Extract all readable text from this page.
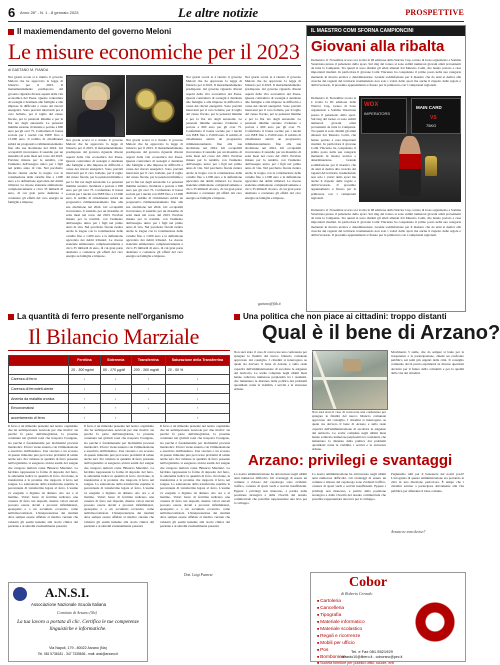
6 Anno 28° - N. 1 - 8 gennaio 2023	Le altre notizie	PROSPETTIVE
Il maxiemendamento del governo Meloni
Le misure economiche per il 2023
di GAETANO M. FIANDA
Nei giorni scorsi si è riunito il governo Meloni che ha approvato la legge di bilancio per il 2023. Il maxiemendamento predisposto dal governo riguarda diversi aspetti della vita economica del Paese. Questa contrattura di sostegni è destinata alle famiglie e alle imprese in difficoltà a causa dei rincari energetici. Sono previsti interventi per il caro bollette, per il taglio del cuneo fiscale, per le pensioni minime e per la flat tax degli autonomi. Le pensioni minime saranno rivalutate e portate a 600 euro per gli over 75. Confermato il bonus sociale per i nuclei con ISEE fino a 15.000 euro. Il reddito di cittadinanza subirà un progressivo ridimensionamento fino alla sua abolizione nel 2024. Gli occupabili riceveranno il sussidio per un massimo di sette mesi nel corso del 2023. Previste misure per la natalità, con l'aumento dell'assegno unico per i figli nel primo anno di vita. Nel pacchetto fiscale rientra anche la tregua con la rottamazione delle cartelle fino a 1.000 euro e la definizione agevolata dei debiti tributari. Le risorse stanziate ammontano complessivamente a circa 35 miliardi di euro, di cui gran parte destinata a contenere gli effetti del caro energia su famiglie e imprese.
Nei giorni scorsi si è riunito il governo Meloni che ha approvato la legge di bilancio per il 2023. Il maxiemendamento predisposto dal governo riguarda diversi aspetti della vita economica del Paese. Questa contrattura di sostegni è destinata alle famiglie e alle imprese in difficoltà a causa dei rincari energetici. Sono previsti interventi per il caro bollette, per il taglio del cuneo fiscale, per le pensioni minime e per la flat tax degli autonomi. Le pensioni minime saranno rivalutate e portate a 600 euro per gli over 75. Confermato il bonus sociale per i nuclei con ISEE fino a 15.000 euro. Il reddito di cittadinanza subirà un progressivo ridimensionamento fino alla sua abolizione nel 2024. Gli occupabili riceveranno il sussidio per un massimo di sette mesi nel corso del 2023. Previste misure per la natalità, con l'aumento dell'assegno unico per i figli nel primo anno di vita. Nel pacchetto fiscale rientra anche la tregua con la rottamazione delle cartelle fino a 1.000 euro e la definizione agevolata dei debiti tributari. Le risorse stanziate ammontano complessivamente a circa 35 miliardi di euro, di cui gran parte destinata a contenere gli effetti del caro energia su famiglie e imprese.
Nei giorni scorsi si è riunito il governo Meloni che ha approvato la legge di bilancio per il 2023. Il maxiemendamento predisposto dal governo riguarda diversi aspetti della vita economica del Paese. Questa contrattura di sostegni è destinata alle famiglie e alle imprese in difficoltà a causa dei rincari energetici. Sono previsti interventi per il caro bollette, per il taglio del cuneo fiscale, per le pensioni minime e per la flat tax degli autonomi. Le pensioni minime saranno rivalutate e portate a 600 euro per gli over 75. Confermato il bonus sociale per i nuclei con ISEE fino a 15.000 euro. Il reddito di cittadinanza subirà un progressivo ridimensionamento fino alla sua abolizione nel 2024. Gli occupabili riceveranno il sussidio per un massimo di sette mesi nel corso del 2023. Previste misure per la natalità, con l'aumento dell'assegno unico per i figli nel primo anno di vita. Nel pacchetto fiscale rientra anche la tregua con la rottamazione delle cartelle fino a 1.000 euro e la definizione agevolata dei debiti tributari. Le risorse stanziate ammontano complessivamente a circa 35 miliardi di euro, di cui gran parte destinata a contenere gli effetti del caro energia su famiglie e imprese.
Nei giorni scorsi si è riunito il governo Meloni che ha approvato la legge di bilancio per il 2023. Il maxiemendamento predisposto dal governo riguarda diversi aspetti della vita economica del Paese. Questa contrattura di sostegni è destinata alle famiglie e alle imprese in difficoltà a causa dei rincari energetici. Sono previsti interventi per il caro bollette, per il taglio del cuneo fiscale, per le pensioni minime e per la flat tax degli autonomi. Le pensioni minime saranno rivalutate e portate a 600 euro per gli over 75. Confermato il bonus sociale per i nuclei con ISEE fino a 15.000 euro. Il reddito di cittadinanza subirà un progressivo ridimensionamento fino alla sua abolizione nel 2024. Gli occupabili riceveranno il sussidio per un massimo di sette mesi nel corso del 2023. Previste misure per la natalità, con l'aumento dell'assegno unico per i figli nel primo anno di vita. Nel pacchetto fiscale rientra anche la tregua con la rottamazione delle cartelle fino a 1.000 euro e la definizione agevolata dei debiti tributari. Le risorse stanziate ammontano complessivamente a circa 35 miliardi di euro, di cui gran parte destinata a contenere gli effetti del caro energia su famiglie e imprese.
Nei giorni scorsi si è riunito il governo Meloni che ha approvato la legge di bilancio per il 2023. Il maxiemendamento predisposto dal governo riguarda diversi aspetti della vita economica del Paese. Questa contrattura di sostegni è destinata alle famiglie e alle imprese in difficoltà a causa dei rincari energetici. Sono previsti interventi per il caro bollette, per il taglio del cuneo fiscale, per le pensioni minime e per la flat tax degli autonomi. Le pensioni minime saranno rivalutate e portate a 600 euro per gli over 75. Confermato il bonus sociale per i nuclei con ISEE fino a 15.000 euro. Il reddito di cittadinanza subirà un progressivo ridimensionamento fino alla sua abolizione nel 2024. Gli occupabili riceveranno il sussidio per un massimo di sette mesi nel corso del 2023. Previste misure per la natalità, con l'aumento dell'assegno unico per i figli nel primo anno di vita. Nel pacchetto fiscale rientra anche la tregua con la rottamazione delle cartelle fino a 1.000 euro e la definizione agevolata dei debiti tributari. Le risorse stanziate ammontano complessivamente a circa 35 miliardi di euro, di cui gran parte destinata a contenere gli effetti del caro energia su famiglie e imprese.
gaetano@fitb.it
IL MAESTRO COMI SFORNA CAMPIONCINI
Giovani alla ribalta
Domenica 11 Novembre scorso si è svolta la III edizione della Warrior Cup, torneo di boxe organizzato a Somma Vesuviana presso il palazzetto dello sport. Sul ring del torneo si sono esibiti numerosi giovani atleti provenienti da tutta la Campania. Tra questi si sono distinti gli atleti allenati dal Maestro Comi, che hanno portato a casa importanti risultati. In particolare il giovane Comi Vincenzo ha conquistato il primo posto nella sua categoria mettendo in mostra tecnica e determinazione. Grande soddisfazione per il maestro che da anni si dedica alla crescita dei ragazzi del territorio trasmettendo non solo i valori dello sport ma anche il rispetto delle regole e dell'avversario. Il prossimo appuntamento è fissato per la primavera con i campionati regionali.
Domenica 11 Novembre scorso si è svolta la III edizione della Warrior Cup, torneo di boxe organizzato a Somma Vesuviana presso il palazzetto dello sport. Sul ring del torneo si sono esibiti numerosi giovani atleti provenienti da tutta la Campania. Tra questi si sono distinti gli atleti allenati dal Maestro Comi, che hanno portato a casa importanti risultati. In particolare il giovane Comi Vincenzo ha conquistato il primo posto nella sua categoria mettendo in mostra tecnica e determinazione. Grande soddisfazione per il maestro che da anni si dedica alla crescita dei ragazzi del territorio trasmettendo non solo i valori dello sport ma anche il rispetto delle regole e dell'avversario. Il prossimo appuntamento è fissato per la primavera con i campionati regionali.
WOX
IMPERATORS
MAIN CARD
VS
75KG
Domenica 11 Novembre scorso si è svolta la III edizione della Warrior Cup, torneo di boxe organizzato a Somma Vesuviana presso il palazzetto dello sport. Sul ring del torneo si sono esibiti numerosi giovani atleti provenienti da tutta la Campania. Tra questi si sono distinti gli atleti allenati dal Maestro Comi, che hanno portato a casa importanti risultati. In particolare il giovane Comi Vincenzo ha conquistato il primo posto nella sua categoria mettendo in mostra tecnica e determinazione. Grande soddisfazione per il maestro che da anni si dedica alla crescita dei ragazzi del territorio trasmettendo non solo i valori dello sport ma anche il rispetto delle regole e dell'avversario. Il prossimo appuntamento è fissato per la primavera con i campionati regionali.
La quantità di ferro presente nell'organismo
Il Bilancio Marziale
	Ferritina	Sideremia	Transferrina	Saturazione della Transferrina
	15 - 300 ng/ml	50 - 170 µg/dl	200 - 360 mg/dl	20 - 50 %
Carenza di ferro	↓	↓	↑	↓
Carenza di ferrodefi-ciente	↓	↓	↑	↓
Anemia da malattia cronica	↑	↓	↓	↓
Emocromatosi	↑	↑	↓	↑
accertamento di ferro	↑	↑		↑
Il ferro è un minerale presente nel nostro organismo che ha un'importanza notevole per due motivi: sia perché fa parte dell'emoglobina, la proteina contenuta nei globuli rossi che trasporta l'ossigeno, sia perché è fondamentale per moltissimi processi metabolici. Il ferro viene assunto con l'alimentazione e assorbito dall'intestino. Una carenza o un eccesso di questo minerale può provocare problemi di salute anche seri. Per valutare la quantità di ferro presente nell'organismo si eseguono alcuni esami del sangue che vengono indicati come 'Bilancio Marziale'. La ferritina rappresenta la forma di deposito del ferro, la sideremia indica la quantità di ferro circolante, la transferrina è la proteina che trasporta il ferro nel sangue. La saturazione della transferrina esprime la percentuale di transferrina legata al ferro. L'esame va eseguito a digiuno da almeno otto ore e al mattino. Valori bassi di ferritina indicano una carenza di ferro nei depositi, mentre valori elevati possono essere dovuti a processi infiammatori, epatopatie o a un accumulo eccessivo come nell'emocromatosi. L'interpretazione dei risultati deve sempre essere affidata al medico curante che valuterà gli esami insieme alla storia clinica del paziente e ai sintomi eventualmente presenti.
Il ferro è un minerale presente nel nostro organismo che ha un'importanza notevole per due motivi: sia perché fa parte dell'emoglobina, la proteina contenuta nei globuli rossi che trasporta l'ossigeno, sia perché è fondamentale per moltissimi processi metabolici. Il ferro viene assunto con l'alimentazione e assorbito dall'intestino. Una carenza o un eccesso di questo minerale può provocare problemi di salute anche seri. Per valutare la quantità di ferro presente nell'organismo si eseguono alcuni esami del sangue che vengono indicati come 'Bilancio Marziale'. La ferritina rappresenta la forma di deposito del ferro, la sideremia indica la quantità di ferro circolante, la transferrina è la proteina che trasporta il ferro nel sangue. La saturazione della transferrina esprime la percentuale di transferrina legata al ferro. L'esame va eseguito a digiuno da almeno otto ore e al mattino. Valori bassi di ferritina indicano una carenza di ferro nei depositi, mentre valori elevati possono essere dovuti a processi infiammatori, epatopatie o a un accumulo eccessivo come nell'emocromatosi. L'interpretazione dei risultati deve sempre essere affidata al medico curante che valuterà gli esami insieme alla storia clinica del paziente e ai sintomi eventualmente presenti.
Il ferro è un minerale presente nel nostro organismo che ha un'importanza notevole per due motivi: sia perché fa parte dell'emoglobina, la proteina contenuta nei globuli rossi che trasporta l'ossigeno, sia perché è fondamentale per moltissimi processi metabolici. Il ferro viene assunto con l'alimentazione e assorbito dall'intestino. Una carenza o un eccesso di questo minerale può provocare problemi di salute anche seri. Per valutare la quantità di ferro presente nell'organismo si eseguono alcuni esami del sangue che vengono indicati come 'Bilancio Marziale'. La ferritina rappresenta la forma di deposito del ferro, la sideremia indica la quantità di ferro circolante, la transferrina è la proteina che trasporta il ferro nel sangue. La saturazione della transferrina esprime la percentuale di transferrina legata al ferro. L'esame va eseguito a digiuno da almeno otto ore e al mattino. Valori bassi di ferritina indicano una carenza di ferro nei depositi, mentre valori elevati possono essere dovuti a processi infiammatori, epatopatie o a un accumulo eccessivo come nell'emocromatosi. L'interpretazione dei risultati deve sempre essere affidata al medico curante che valuterà gli esami insieme alla storia clinica del paziente e ai sintomi eventualmente presenti.
Dott. Luigi Pannese
Una politica che non piace ai cittadini: troppo distanti
Qual è il bene di Arzano?
Non sarà stato il caso di convocare una conferenza per spiegare le finalità del nuovo bilancio comunale approvato dal consiglio. I cittadini si interrogano su quale sia davvero il bene di Arzano e sulla reale capacità dell'amministrazione di ascoltare le esigenze del territorio. Le scelte compiute negli ultimi mesi hanno sollevato numerose perplessità tra i residenti, che lamentano la distanza della politica dai problemi quotidiani come la viabilità, i servizi e la sicurezza urbana.
Non sarà stato il caso di convocare una conferenza per spiegare le finalità del nuovo bilancio comunale approvato dal consiglio. I cittadini si interrogano su quale sia davvero il bene di Arzano e sulla reale capacità dell'amministrazione di ascoltare le esigenze del territorio. Le scelte compiute negli ultimi mesi hanno sollevato numerose perplessità tra i residenti, che lamentano la distanza della politica dai problemi quotidiani come la viabilità, i servizi e la sicurezza urbana.
Movimento 5 stelle, che da sempre si batte per la trasparenza e la partecipazione, chiede un confronto pubblico sui temi più urgenti della città. Il consiglio comunale dovrà presto esprimersi su diverse questioni decisive per il futuro della comunità e per la qualità della vita dei cittadini.
Arzano: privilegi e svantaggi
La nostra amministrazione ha attraversato negli ultimi anni numerose difficoltà. Gli svantaggi di essere un comune a ridosso del capoluogo sono evidenti: traffico, carenza di spazi verdi e servizi insufficienti. Eppure i privilegi non mancano, a partire dalla posizione strategica e dalla vivacità del tessuto commerciale che potrebbe rappresentare una leva per lo sviluppo.
La nostra amministrazione ha attraversato negli ultimi anni numerose difficoltà. Gli svantaggi di essere un comune a ridosso del capoluogo sono evidenti: traffico, carenza di spazi verdi e servizi insufficienti. Eppure i privilegi non mancano, a partire dalla posizione strategica e dalla vivacità del tessuto commerciale che potrebbe rappresentare una leva per lo sviluppo.
Pagheremo tutti per il benessere dei nostri posti? L'arroganza di questa amministrazione sta portando la città in una direzione pericolosa. È tempo che i cittadini tornino a partecipare attivamente alla vita pubblica per difendere il bene comune.
Arzano ne sono deciso?
A.N.S.I.
Associazione Nazionale Scuola Italiana
Comitato di Arzano (Na)
La tua lavoro a portata di clic. Certifica le tue competenze linguistiche e informatiche.
Via Napoli, 179 - 80022 Arzano (Na)
Tel. 081 5736181 - 347 7335636 - mail: ansi@arzano.it
Cobor
di Roberto Cerardo
■ Cartoleria
■ Cancelleria
■ Tipografia
■ Materiale informatico
■ Materiale scolastico
■ Regali e ricorrenze
■ Mobili per ufficio
■ Pos
■ Bomboniere
■ Società forniture per pubblici uffici, scuole, enti
Tel. e Fax 081.5521929
cerardo10@libero.it - coborsnc@pec.it
